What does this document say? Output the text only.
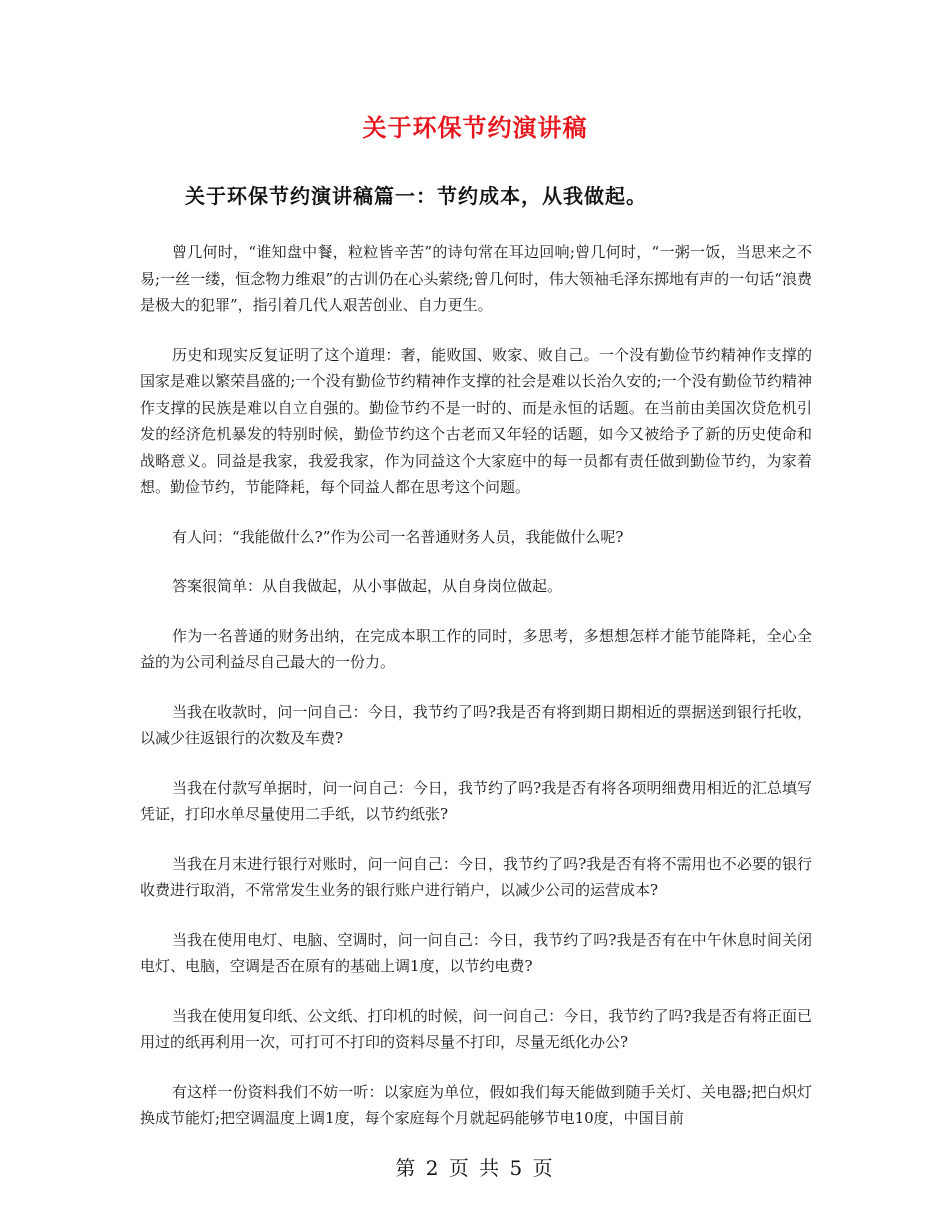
关于环保节约演讲稿
关于环保节约演讲稿篇一：节约成本，从我做起。

曾几何时，“谁知盘中餐，粒粒皆辛苦”的诗句常在耳边回响;曾几何时，“一粥一饭，当思来之不易;一丝一缕，恒念物力维艰”的古训仍在心头萦绕;曾几何时，伟大领袖毛泽东掷地有声的一句话“浪费是极大的犯罪”，指引着几代人艰苦创业、自力更生。

历史和现实反复证明了这个道理：奢，能败国、败家、败自己。一个没有勤俭节约精神作支撑的国家是难以繁荣昌盛的;一个没有勤俭节约精神作支撑的社会是难以长治久安的;一个没有勤俭节约精神作支撑的民族是难以自立自强的。勤俭节约不是一时的、而是永恒的话题。在当前由美国次贷危机引发的经济危机暴发的特别时候，勤俭节约这个古老而又年轻的话题，如今又被给予了新的历史使命和战略意义。同益是我家，我爱我家，作为同益这个大家庭中的每一员都有责任做到勤俭节约，为家着想。勤俭节约，节能降耗，每个同益人都在思考这个问题。

有人问：“我能做什么?”作为公司一名普通财务人员，我能做什么呢?

答案很简单：从自我做起，从小事做起，从自身岗位做起。

作为一名普通的财务出纳，在完成本职工作的同时，多思考，多想想怎样才能节能降耗，全心全益的为公司利益尽自己最大的一份力。

当我在收款时，问一问自己：今日，我节约了吗?我是否有将到期日期相近的票据送到银行托收，以减少往返银行的次数及车费?

当我在付款写单据时，问一问自己：今日，我节约了吗?我是否有将各项明细费用相近的汇总填写凭证，打印水单尽量使用二手纸，以节约纸张?

当我在月末进行银行对账时，问一问自己：今日，我节约了吗?我是否有将不需用也不必要的银行收费进行取消，不常常发生业务的银行账户进行销户，以减少公司的运营成本?

当我在使用电灯、电脑、空调时，问一问自己：今日，我节约了吗?我是否有在中午休息时间关闭电灯、电脑，空调是否在原有的基础上调1度，以节约电费?

当我在使用复印纸、公文纸、打印机的时候，问一问自己：今日，我节约了吗?我是否有将正面已用过的纸再利用一次，可打可不打印的资料尽量不打印，尽量无纸化办公?

有这样一份资料我们不妨一听：以家庭为单位，假如我们每天能做到随手关灯、关电器;把白炽灯换成节能灯;把空调温度上调1度，每个家庭每个月就起码能够节电10度，中国目前

第 2 页 共 5 页
